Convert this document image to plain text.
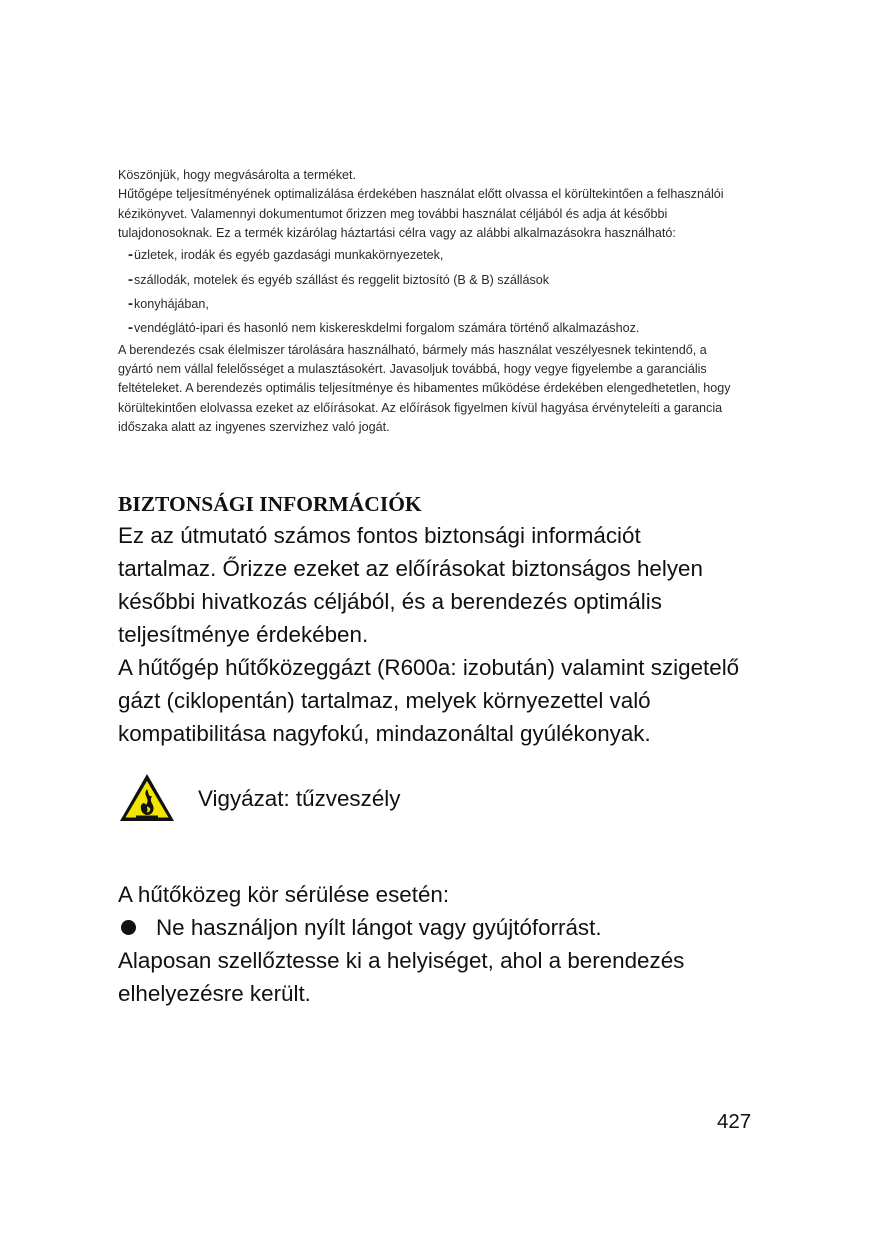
Köszönjük, hogy megvásárolta a terméket.

Hűtőgépe teljesítményének optimalizálása érdekében használat előtt olvassa el körültekintően a felhasználói kézikönyvet. Valamennyi dokumentumot őrizzen meg további használat céljából és adja át későbbi tulajdonosoknak. Ez a termék kizárólag háztartási célra vagy az alábbi alkalmazásokra használható:

-üzletek, irodák és egyéb gazdasági munkakörnyezetek,
-szállodák, motelek és egyéb szállást és reggelit biztosító (B & B) szállások
-konyhájában,
-vendéglátó-ipari és hasonló nem kiskereskdelmi forgalom számára történő alkalmazáshoz.

A berendezés csak élelmiszer tárolására használható, bármely más használat veszélyesnek tekintendő, a gyártó nem vállal felelősséget a mulasztásokért. Javasoljuk továbbá, hogy vegye figyelembe a garanciális feltételeket. A berendezés optimális teljesítménye és hibamentes működése érdekében elengedhetetlen, hogy körültekintően elolvassa ezeket az előírásokat. Az előírások figyelmen kívül hagyása érvényteleíti a garancia időszaka alatt az ingyenes szervizhez való jogát.

BIZTONSÁGI INFORMÁCIÓK

Ez az útmutató számos fontos biztonsági információt tartalmaz. Őrizze ezeket az előírásokat biztonságos helyen későbbi hivatkozás céljából, és a berendezés optimális teljesítménye érdekében.

A hűtőgép hűtőközeggázt (R600a: izobután) valamint szigetelő gázt (ciklopentán) tartalmaz, melyek környezettel való kompatibilitása nagyfokú, mindazonáltal gyúlékonyak.

Vigyázat: tűzveszély

A hűtőközeg kör sérülése esetén:

Ne használjon nyílt lángot vagy gyújtóforrást.

Alaposan szellőztesse ki a helyiséget, ahol a berendezés elhelyezésre került.

427
